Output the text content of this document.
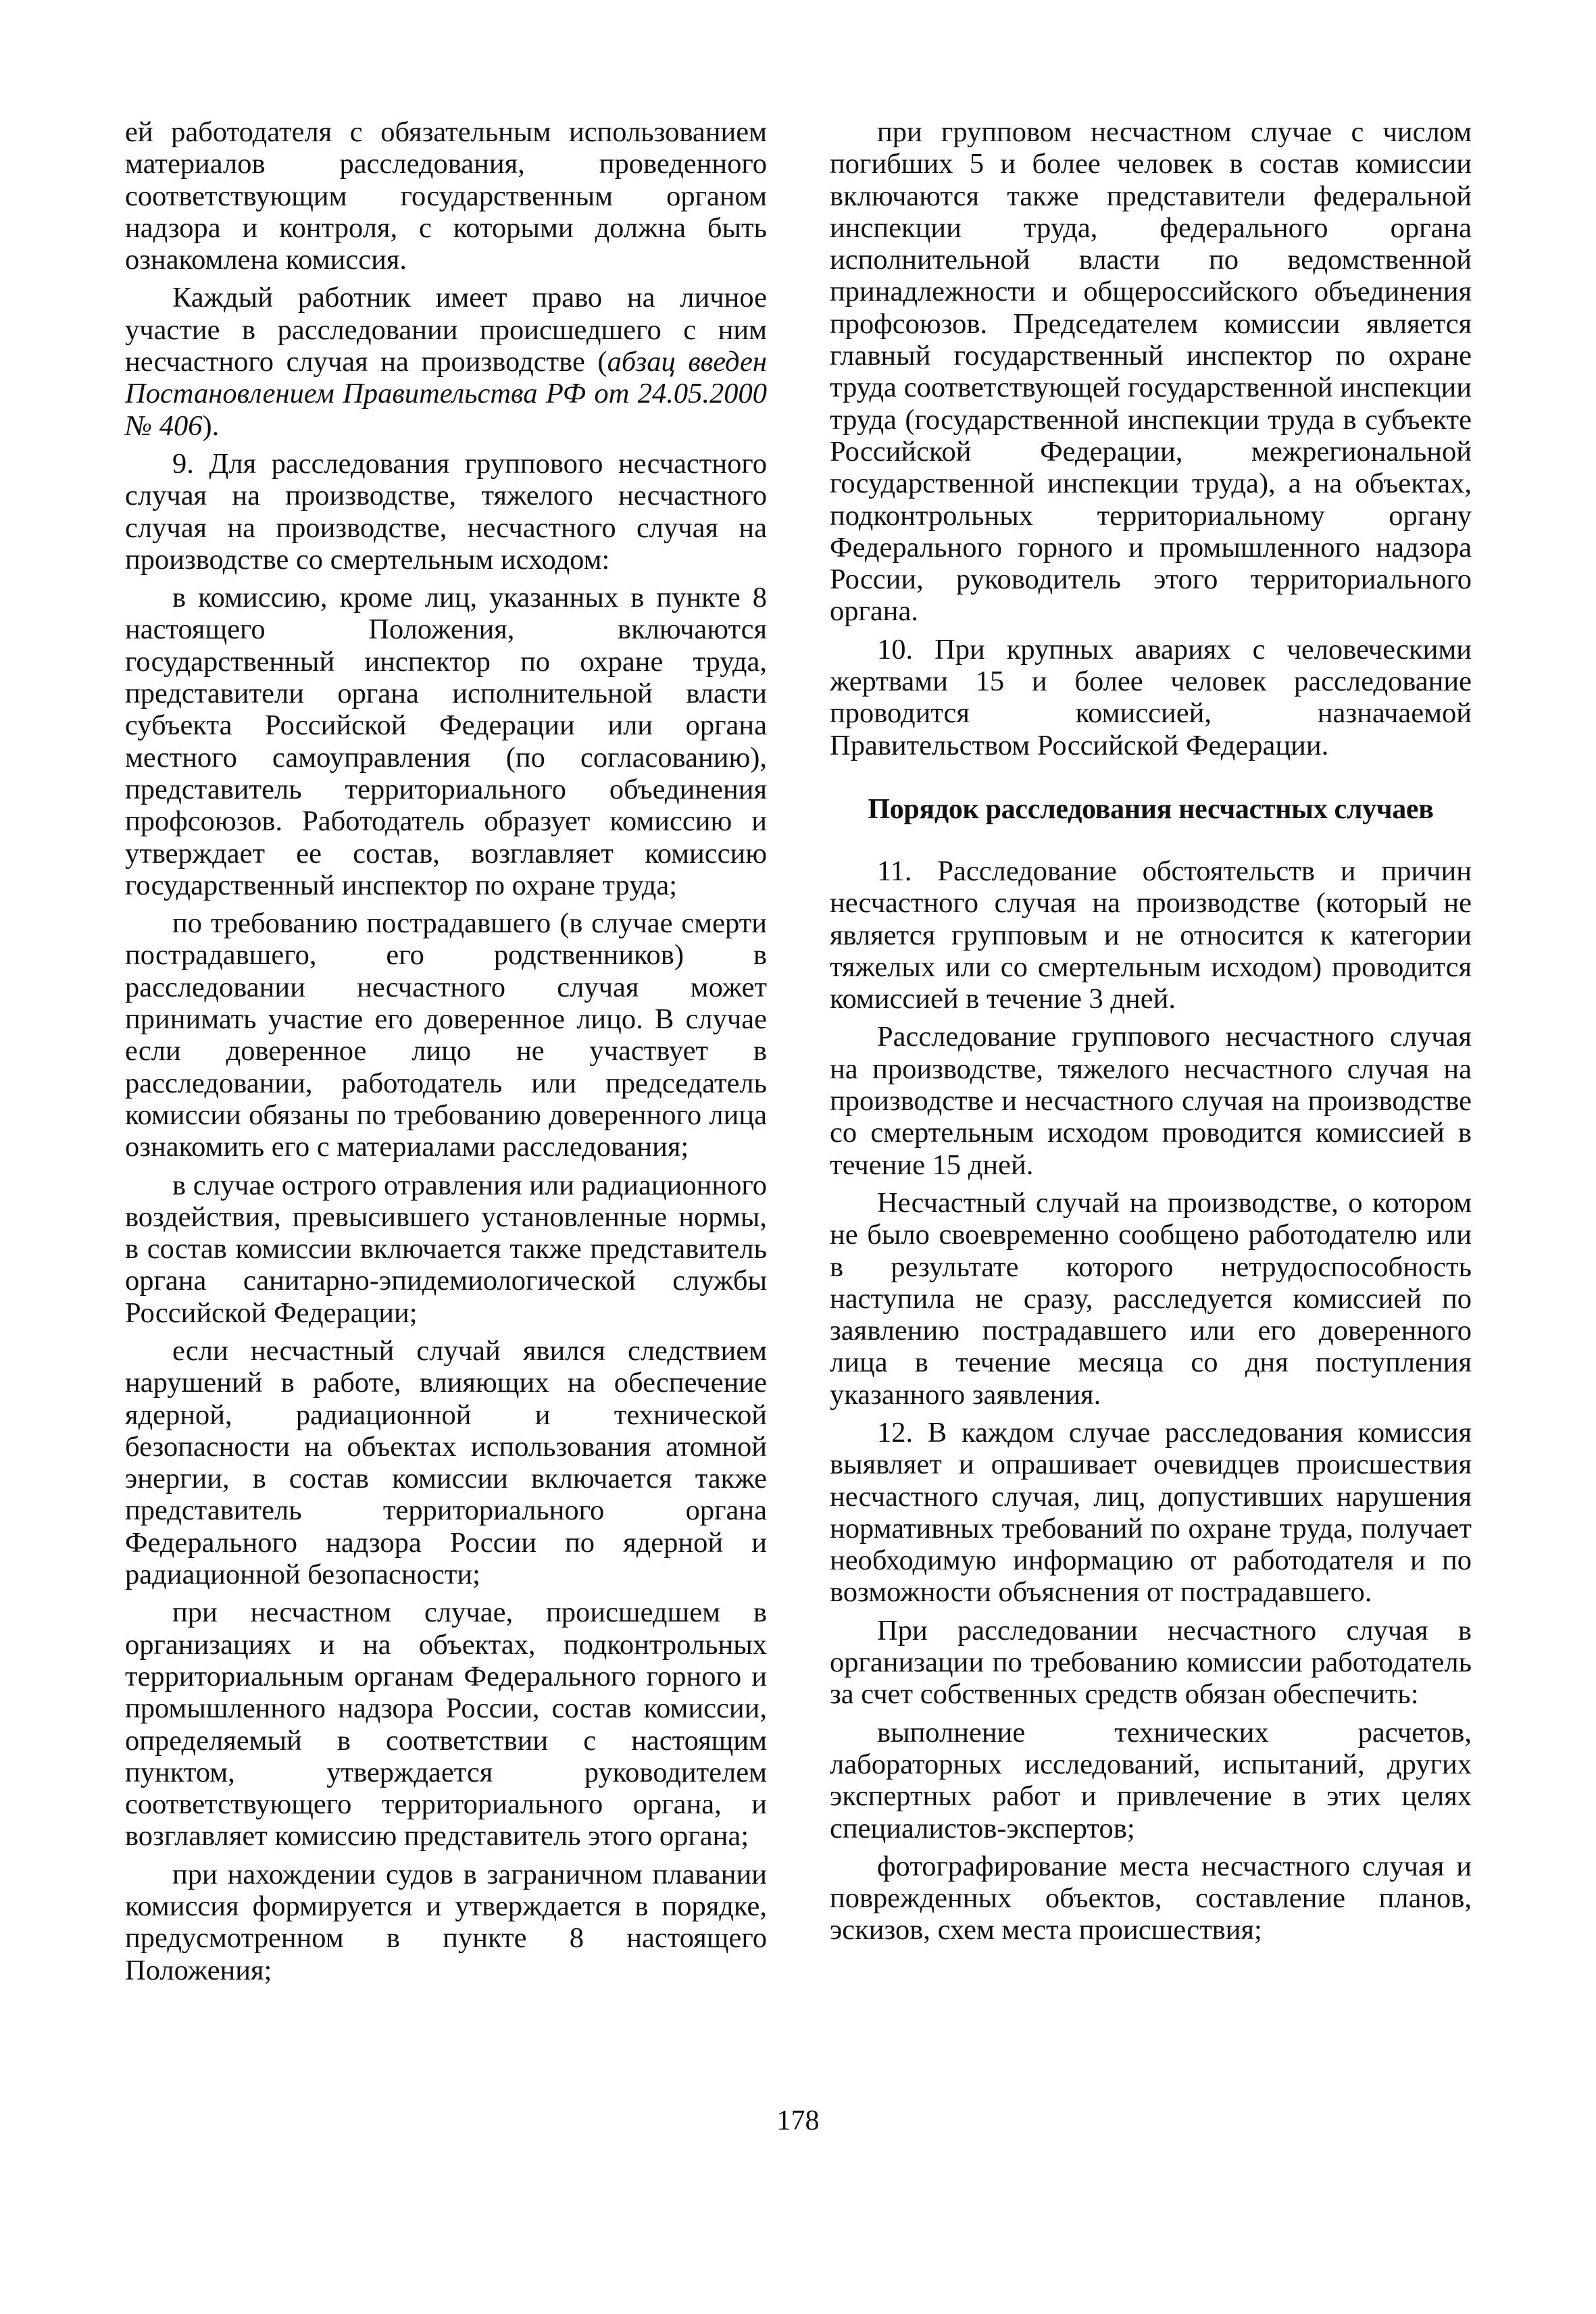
ей работодателя с обязательным использованием материалов расследования, проведенного соответствующим государственным органом надзора и контроля, с которыми должна быть ознакомлена комиссия.

Каждый работник имеет право на личное участие в расследовании происшедшего с ним несчастного случая на производстве (абзац введен Постановлением Правительства РФ от 24.05.2000 № 406).

9. Для расследования группового несчастного случая на производстве, тяжелого несчастного случая на производстве, несчастного случая на производстве со смертельным исходом:

в комиссию, кроме лиц, указанных в пункте 8 настоящего Положения, включаются государственный инспектор по охране труда, представители органа исполнительной власти субъекта Российской Федерации или органа местного самоуправления (по согласованию), представитель территориального объединения профсоюзов. Работодатель образует комиссию и утверждает ее состав, возглавляет комиссию государственный инспектор по охране труда;

по требованию пострадавшего (в случае смерти пострадавшего, его родственников) в расследовании несчастного случая может принимать участие его доверенное лицо. В случае если доверенное лицо не участвует в расследовании, работодатель или председатель комиссии обязаны по требованию доверенного лица ознакомить его с материалами расследования;

в случае острого отравления или радиационного воздействия, превысившего установленные нормы, в состав комиссии включается также представитель органа санитарно-эпидемиологической службы Российской Федерации;

если несчастный случай явился следствием нарушений в работе, влияющих на обеспечение ядерной, радиационной и технической безопасности на объектах использования атомной энергии, в состав комиссии включается также представитель территориального органа Федерального надзора России по ядерной и радиационной безопасности;

при несчастном случае, происшедшем в организациях и на объектах, подконтрольных территориальным органам Федерального горного и промышленного надзора России, состав комиссии, определяемый в соответствии с настоящим пунктом, утверждается руководителем соответствующего территориального органа, и возглавляет комиссию представитель этого органа;

при нахождении судов в заграничном плавании комиссия формируется и утверждается в порядке, предусмотренном в пункте 8 настоящего Положения;

при групповом несчастном случае с числом погибших 5 и более человек в состав комиссии включаются также представители федеральной инспекции труда, федерального органа исполнительной власти по ведомственной принадлежности и общероссийского объединения профсоюзов. Председателем комиссии является главный государственный инспектор по охране труда соответствующей государственной инспекции труда (государственной инспекции труда в субъекте Российской Федерации, межрегиональной государственной инспекции труда), а на объектах, подконтрольных территориальному органу Федерального горного и промышленного надзора России, руководитель этого территориального органа.

10. При крупных авариях с человеческими жертвами 15 и более человек расследование проводится комиссией, назначаемой Правительством Российской Федерации.

Порядок расследования несчастных случаев

11. Расследование обстоятельств и причин несчастного случая на производстве (который не является групповым и не относится к категории тяжелых или со смертельным исходом) проводится комиссией в течение 3 дней.

Расследование группового несчастного случая на производстве, тяжелого несчастного случая на производстве и несчастного случая на производстве со смертельным исходом проводится комиссией в течение 15 дней.

Несчастный случай на производстве, о котором не было своевременно сообщено работодателю или в результате которого нетрудоспособность наступила не сразу, расследуется комиссией по заявлению пострадавшего или его доверенного лица в течение месяца со дня поступления указанного заявления.

12. В каждом случае расследования комиссия выявляет и опрашивает очевидцев происшествия несчастного случая, лиц, допустивших нарушения нормативных требований по охране труда, получает необходимую информацию от работодателя и по возможности объяснения от пострадавшего.

При расследовании несчастного случая в организации по требованию комиссии работодатель за счет собственных средств обязан обеспечить:

выполнение технических расчетов, лабораторных исследований, испытаний, других экспертных работ и привлечение в этих целях специалистов-экспертов;

фотографирование места несчастного случая и поврежденных объектов, составление планов, эскизов, схем места происшествия;

178
